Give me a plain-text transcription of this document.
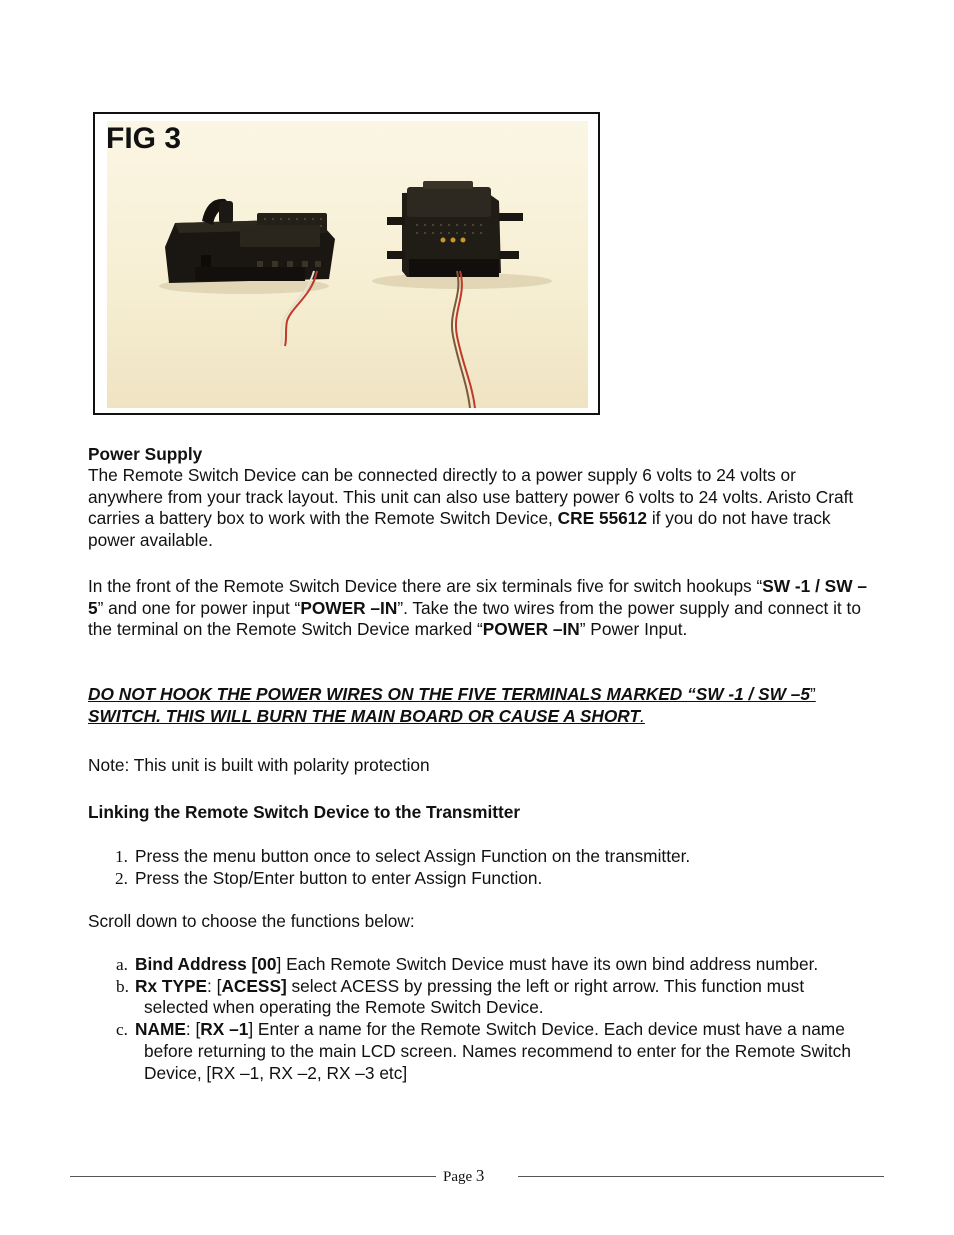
FIG 3
Power Supply
The Remote Switch Device can be connected directly to a power supply 6 volts to 24 volts or anywhere from your track layout. This unit can also use battery power 6 volts to 24 volts. Aristo Craft carries a battery box to work with the Remote Switch Device, CRE 55612 if you do not have track power available.
In the front of the Remote Switch Device there are six terminals five for switch hookups “SW -1 / SW –5” and one for power input “POWER –IN”. Take the two wires from the power supply and connect it to the terminal on the Remote Switch Device marked “POWER –IN” Power Input.
DO NOT HOOK THE POWER WIRES ON THE FIVE TERMINALS MARKED “SW -1 / SW –5” SWITCH. THIS WILL BURN THE MAIN BOARD OR CAUSE A SHORT.
Note: This unit is built with polarity protection
Linking the Remote Switch Device to the Transmitter
1. Press the menu button once to select Assign Function on the transmitter.
2. Press the Stop/Enter button to enter Assign Function.
Scroll down to choose the functions below:
a. Bind Address [00] Each Remote Switch Device must have its own bind address number.
b. Rx TYPE: [ACESS] select ACESS by pressing the left or right arrow. This function must selected when operating the Remote Switch Device.
c. NAME: [RX –1] Enter a name for the Remote Switch Device. Each device must have a name before returning to the main LCD screen. Names recommend to enter for the Remote Switch Device, [RX –1, RX –2, RX –3 etc]
Page 3
